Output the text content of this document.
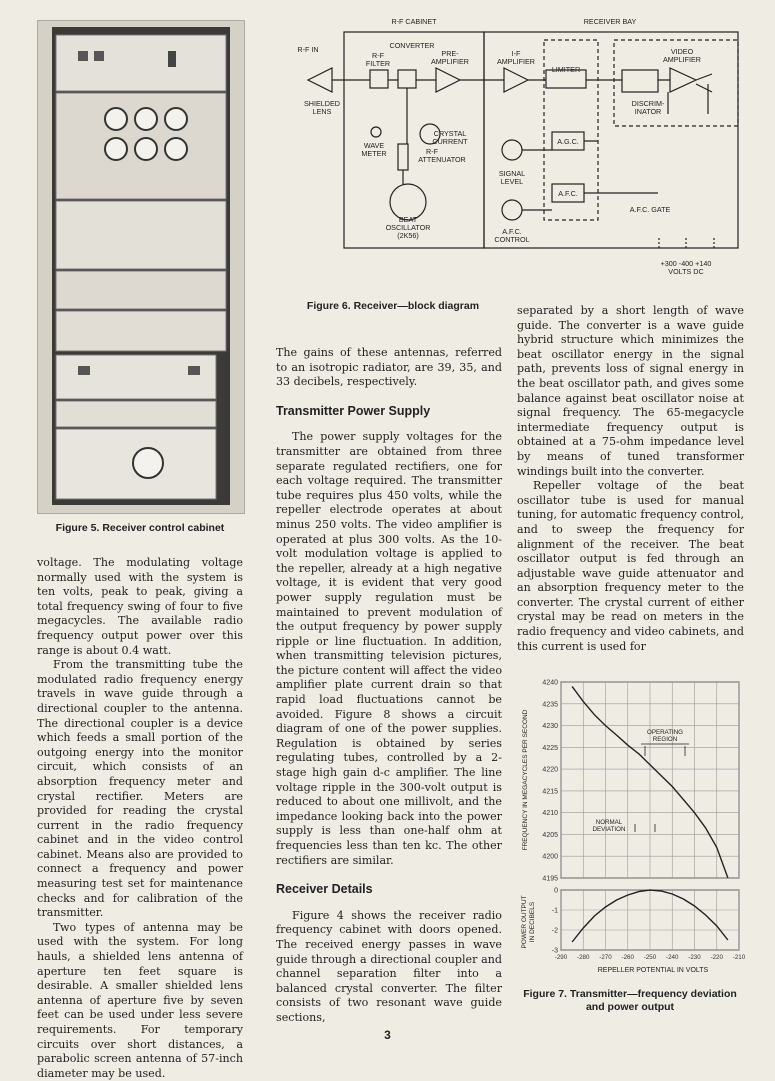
Figure 5. Receiver control cabinet
R-F CABINET	RECEIVER BAY
R-F IN	CONVERTER
R-F
FILTER
PRE-
AMPLIFIER
I-F
AMPLIFIER
LIMITER
VIDEO
AMPLIFIER
SHIELDED
LENS
WAVE
METER
CRYSTAL
CURRENT
R-F
ATTENUATOR
DISCRIM-
INATOR
A.G.C.
SIGNAL
LEVEL
A.F.C.
A.F.C. GATE
BEAT
OSCILLATOR
(2K56)	A.F.C.
CONTROL
+300 -400 +140
VOLTS DC
Figure 6. Receiver—block diagram

voltage. The modulating voltage normally used with the system is ten volts, peak to peak, giving a total frequency swing of four to five megacycles. The available radio frequency output power over this range is about 0.4 watt.

From the transmitting tube the modulated radio frequency energy travels in wave guide through a directional coupler to the antenna. The directional coupler is a device which feeds a small portion of the outgoing energy into the monitor circuit, which consists of an absorption frequency meter and crystal rectifier. Meters are provided for reading the crystal current in the radio frequency cabinet and in the video control cabinet. Means also are provided to connect a frequency and power measuring test set for maintenance checks and for calibration of the transmitter.

Two types of antenna may be used with the system. For long hauls, a shielded lens antenna of aperture ten feet square is desirable. A smaller shielded lens antenna of aperture five by seven feet can be used under less severe requirements. For temporary circuits over short distances, a parabolic screen antenna of 57-inch diameter may be used.

The gains of these antennas, referred to an isotropic radiator, are 39, 35, and 33 decibels, respectively.

Transmitter Power Supply

The power supply voltages for the transmitter are obtained from three separate regulated rectifiers, one for each voltage required. The transmitter tube requires plus 450 volts, while the repeller electrode operates at about minus 250 volts. The video amplifier is operated at plus 300 volts. As the 10-volt modulation voltage is applied to the repeller, already at a high negative voltage, it is evident that very good power supply regulation must be maintained to prevent modulation of the output frequency by power supply ripple or line fluctuation. In addition, when transmitting television pictures, the picture content will affect the video amplifier plate current drain so that rapid load fluctuations cannot be avoided. Figure 8 shows a circuit diagram of one of the power supplies. Regulation is obtained by series regulating tubes, controlled by a 2-stage high gain d-c amplifier. The line voltage ripple in the 300-volt output is reduced to about one millivolt, and the impedance looking back into the power supply is less than one-half ohm at frequencies less than ten kc. The other rectifiers are similar.

Receiver Details

Figure 4 shows the receiver radio frequency cabinet with doors opened. The received energy passes in wave guide through a directional coupler and channel separation filter into a balanced crystal converter. The filter consists of two resonant wave guide sections,

separated by a short length of wave guide. The converter is a wave guide hybrid structure which minimizes the beat oscillator energy in the signal path, prevents loss of signal energy in the beat oscillator path, and gives some balance against beat oscillator noise at signal frequency. The 65-megacycle intermediate frequency output is obtained at a 75-ohm impedance level by means of tuned transformer windings built into the converter.

Repeller voltage of the beat oscillator tube is used for manual tuning, for automatic frequency control, and to sweep the frequency for alignment of the receiver. The beat oscillator output is fed through an adjustable wave guide attenuator and an absorption frequency meter to the converter. The crystal current of either crystal may be read on meters in the radio frequency and video cabinets, and this current is used for

4195
4200
4205
4210
4215
4220
4225
4230
4235
4240
0
-1
-2
-3
-290 -280 -270 -260 -250 -240 -230 -220 -210
OPERATING
REGION
NORMAL
DEVIATION
FREQUENCY IN MEGACYCLES PER SECOND
POWER OUTPUT IN DECIBELS
REPELLER POTENTIAL IN VOLTS
Figure 7. Transmitter—frequency deviation
and power output
3
